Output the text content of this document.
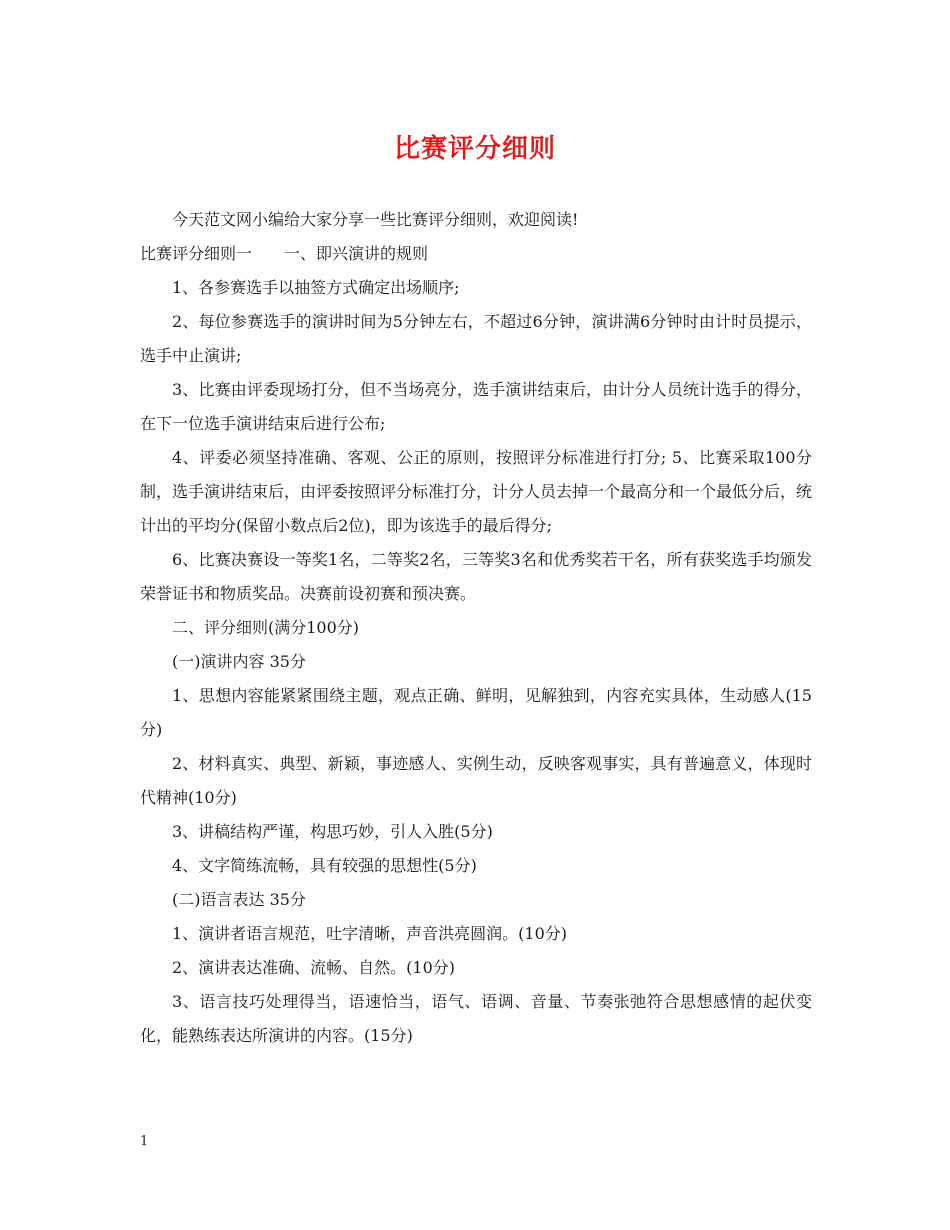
比赛评分细则

今天范文网小编给大家分享一些比赛评分细则，欢迎阅读!

比赛评分细则一　　一、即兴演讲的规则

1、各参赛选手以抽签方式确定出场顺序;

2、每位参赛选手的演讲时间为5分钟左右，不超过6分钟，演讲满6分钟时由计时员提示，选手中止演讲;

3、比赛由评委现场打分，但不当场亮分，选手演讲结束后，由计分人员统计选手的得分，在下一位选手演讲结束后进行公布;

4、评委必须坚持准确、客观、公正的原则，按照评分标准进行打分; 5、比赛采取100分制，选手演讲结束后，由评委按照评分标准打分，计分人员去掉一个最高分和一个最低分后，统计出的平均分(保留小数点后2位)，即为该选手的最后得分;

6、比赛决赛设一等奖1名，二等奖2名，三等奖3名和优秀奖若干名，所有获奖选手均颁发荣誉证书和物质奖品。决赛前设初赛和预决赛。

二、评分细则(满分100分)

(一)演讲内容 35分

1、思想内容能紧紧围绕主题，观点正确、鲜明，见解独到，内容充实具体，生动感人(15分)

2、材料真实、典型、新颖，事迹感人、实例生动，反映客观事实，具有普遍意义，体现时代精神(10分)

3、讲稿结构严谨，构思巧妙，引人入胜(5分)

4、文字简练流畅，具有较强的思想性(5分)

(二)语言表达 35分

1、演讲者语言规范，吐字清晰，声音洪亮圆润。(10分)

2、演讲表达准确、流畅、自然。(10分)

3、语言技巧处理得当，语速恰当，语气、语调、音量、节奏张弛符合思想感情的起伏变化，能熟练表达所演讲的内容。(15分)

1
